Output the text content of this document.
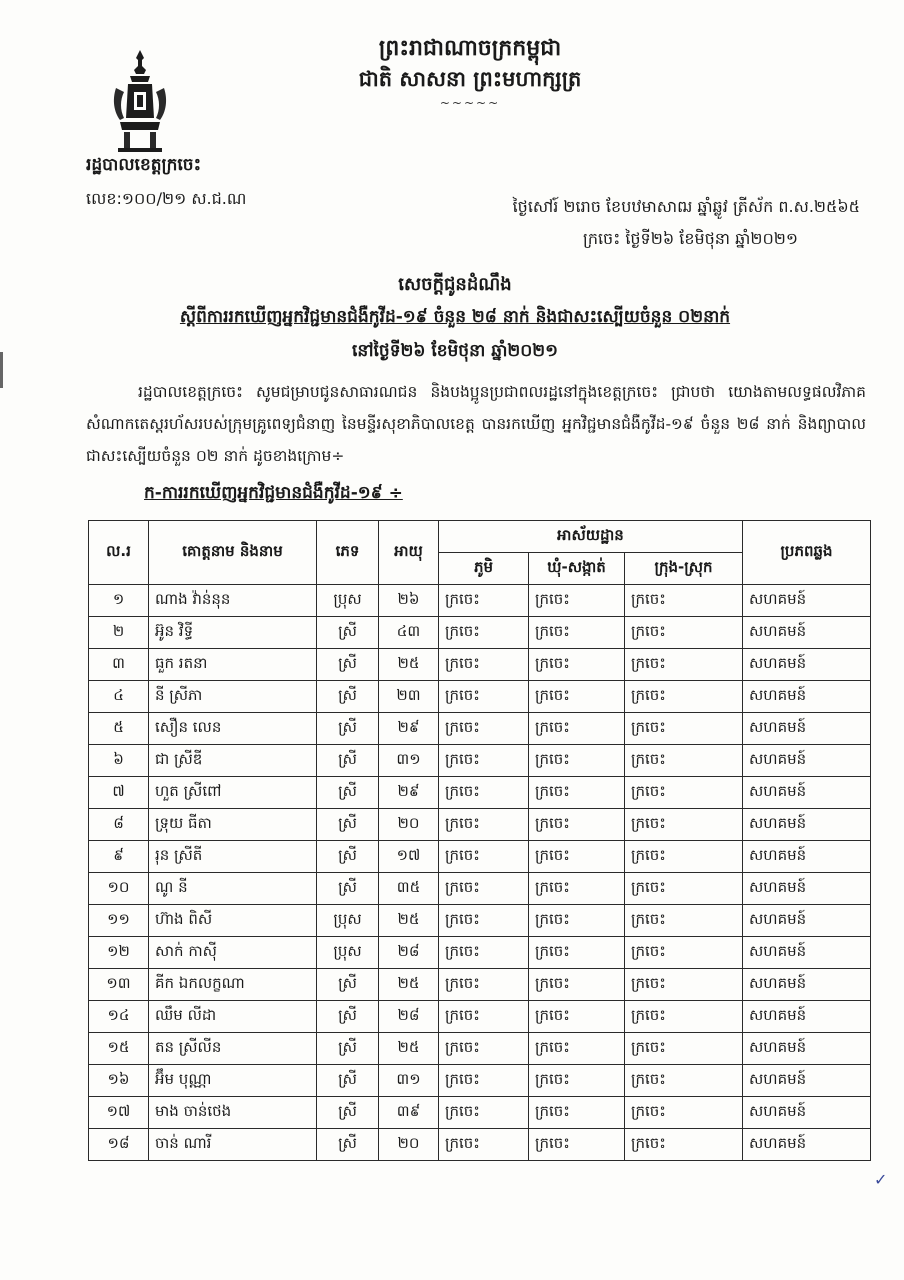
ព្រះរាជាណាចក្រកម្ពុជា
ជាតិ សាសនា ព្រះមហាក្សត្រ
~~~~~
រដ្ឋបាលខេត្តក្រចេះ
លេខ:១០០/២១ ស.ជ.ណ	ថ្ងៃសៅរ៍ ២រោច ខែបឋមាសាឍ ឆ្នាំឆ្លូវ ត្រីស័ក ព.ស.២៥៦៥
ក្រចេះ ថ្ងៃទី២៦ ខែមិថុនា ឆ្នាំ២០២១
សេចក្តីជូនដំណឹង
ស្តីពីការរកឃើញអ្នកវិជ្ជមានជំងឺកូវីដ-១៩ ចំនួន ២៨ នាក់ និងជាសះស្បើយចំនួន ០២នាក់
នៅថ្ងៃទី២៦ ខែមិថុនា ឆ្នាំ២០២១
រដ្ឋបាលខេត្តក្រចេះ សូមជម្រាបជូនសាធារណជន និងបងប្អូនប្រជាពលរដ្ឋនៅក្នុងខេត្តក្រចេះ ជ្រាបថា យោងតាមលទ្ធផលវិភាគសំណាកតេស្តរហ័សរបស់ក្រុមគ្រូពេទ្យជំនាញ នៃមន្ទីរសុខាភិបាលខេត្ត បានរកឃើញ អ្នកវិជ្ជមានជំងឺកូវីដ-១៩ ចំនួន ២៨ នាក់ និងព្យាបាលជាសះស្បើយចំនួន ០២ នាក់ ដូចខាងក្រោម÷
ក-ការរកឃើញអ្នកវិជ្ជមានជំងឺកូវីដ-១៩ ÷
ល.រ	គោត្តនាម និងនាម	ភេទ	អាយុ	អាស័យដ្ឋាន			ប្រភពឆ្លង
				ភូមិ	ឃុំ-សង្កាត់	ក្រុង-ស្រុក	
១	ណាង វ៉ាន់នុន	ប្រុស	២៦	ក្រចេះ	ក្រចេះ	ក្រចេះ	សហគមន៍
២	អ៊ូន វិទ្ធី	ស្រី	៤៣	ក្រចេះ	ក្រចេះ	ក្រចេះ	សហគមន៍
៣	ធួក រតនា	ស្រី	២៥	ក្រចេះ	ក្រចេះ	ក្រចេះ	សហគមន៍
៤	នី ស្រីភា	ស្រី	២៣	ក្រចេះ	ក្រចេះ	ក្រចេះ	សហគមន៍
៥	សឿន លេន	ស្រី	២៩	ក្រចេះ	ក្រចេះ	ក្រចេះ	សហគមន៍
៦	ជា ស្រីឌី	ស្រី	៣១	ក្រចេះ	ក្រចេះ	ក្រចេះ	សហគមន៍
៧	ហួត ស្រីពៅ	ស្រី	២៩	ក្រចេះ	ក្រចេះ	ក្រចេះ	សហគមន៍
៨	ទ្រុយ ធីតា	ស្រី	២០	ក្រចេះ	ក្រចេះ	ក្រចេះ	សហគមន៍
៩	រុន ស្រីតី	ស្រី	១៧	ក្រចេះ	ក្រចេះ	ក្រចេះ	សហគមន៍
១០	ណូ នី	ស្រី	៣៥	ក្រចេះ	ក្រចេះ	ក្រចេះ	សហគមន៍
១១	ហ៊ាង ពិសី	ប្រុស	២៥	ក្រចេះ	ក្រចេះ	ក្រចេះ	សហគមន៍
១២	សាក់ កាស៊ី	ប្រុស	២៨	ក្រចេះ	ក្រចេះ	ក្រចេះ	សហគមន៍
១៣	គីក ឯកលក្ខណា	ស្រី	២៥	ក្រចេះ	ក្រចេះ	ក្រចេះ	សហគមន៍
១៤	ឈឹម លីដា	ស្រី	២៨	ក្រចេះ	ក្រចេះ	ក្រចេះ	សហគមន៍
១៥	តន ស្រីលីន	ស្រី	២៥	ក្រចេះ	ក្រចេះ	ក្រចេះ	សហគមន៍
១៦	អ៊ឹម បុណ្ណា	ស្រី	៣១	ក្រចេះ	ក្រចេះ	ក្រចេះ	សហគមន៍
១៧	មាង ចាន់ថេង	ស្រី	៣៩	ក្រចេះ	ក្រចេះ	ក្រចេះ	សហគមន៍
១៨	ចាន់ ណារី	ស្រី	២០	ក្រចេះ	ក្រចេះ	ក្រចេះ	សហគមន៍
✓
